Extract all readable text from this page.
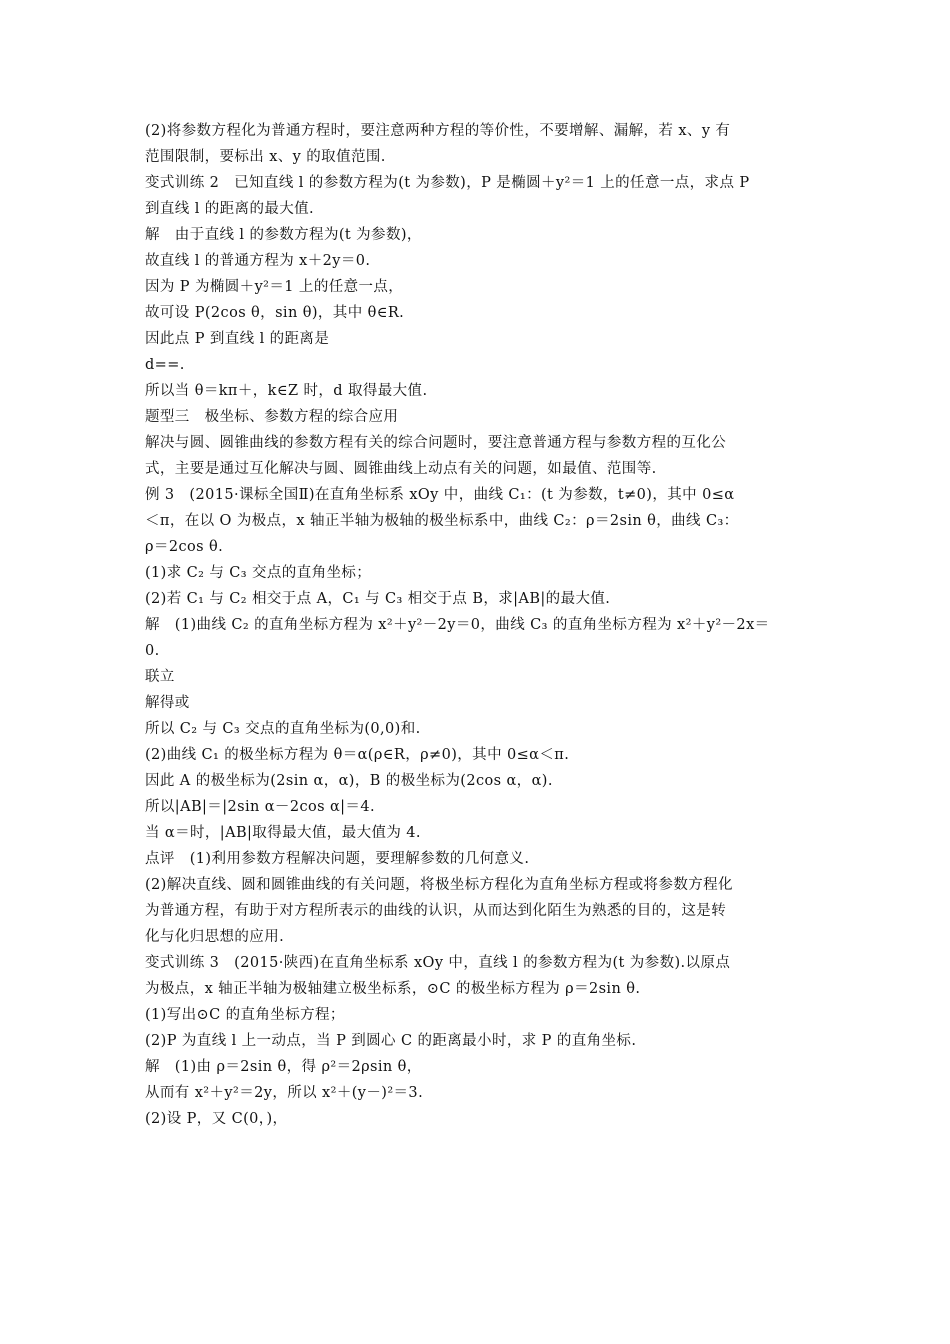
(2)将参数方程化为普通方程时，要注意两种方程的等价性，不要增解、漏解，若 x、y 有
范围限制，要标出 x、y 的取值范围.
变式训练 2　已知直线 l 的参数方程为(t 为参数)，P 是椭圆＋y²＝1 上的任意一点，求点 P
到直线 l 的距离的最大值.
解　由于直线 l 的参数方程为(t 为参数)，
故直线 l 的普通方程为 x＋2y＝0.
因为 P 为椭圆＋y²＝1 上的任意一点，
故可设 P(2cos θ，sin θ)，其中 θ∈R.
因此点 P 到直线 l 的距离是
d==.
所以当 θ＝kπ＋，k∈Z 时，d 取得最大值.
题型三　极坐标、参数方程的综合应用
解决与圆、圆锥曲线的参数方程有关的综合问题时，要注意普通方程与参数方程的互化公
式，主要是通过互化解决与圆、圆锥曲线上动点有关的问题，如最值、范围等.
例 3　(2015·课标全国Ⅱ)在直角坐标系 xOy 中，曲线 C₁：(t 为参数，t≠0)，其中 0≤α
＜π，在以 O 为极点，x 轴正半轴为极轴的极坐标系中，曲线 C₂：ρ＝2sin θ，曲线 C₃：
ρ＝2cos θ.
(1)求 C₂ 与 C₃ 交点的直角坐标；
(2)若 C₁ 与 C₂ 相交于点 A，C₁ 与 C₃ 相交于点 B，求|AB|的最大值.
解　(1)曲线 C₂ 的直角坐标方程为 x²＋y²－2y＝0，曲线 C₃ 的直角坐标方程为 x²＋y²－2x＝
0.
联立
解得或
所以 C₂ 与 C₃ 交点的直角坐标为(0,0)和.
(2)曲线 C₁ 的极坐标方程为 θ＝α(ρ∈R，ρ≠0)，其中 0≤α＜π.
因此 A 的极坐标为(2sin α，α)，B 的极坐标为(2cos α，α).
所以|AB|＝|2sin α－2cos α|＝4.
当 α＝时，|AB|取得最大值，最大值为 4.
点评　(1)利用参数方程解决问题，要理解参数的几何意义.
(2)解决直线、圆和圆锥曲线的有关问题，将极坐标方程化为直角坐标方程或将参数方程化
为普通方程，有助于对方程所表示的曲线的认识，从而达到化陌生为熟悉的目的，这是转
化与化归思想的应用.
变式训练 3　(2015·陕西)在直角坐标系 xOy 中，直线 l 的参数方程为(t 为参数).以原点
为极点，x 轴正半轴为极轴建立极坐标系，⊙C 的极坐标方程为 ρ＝2sin θ.
(1)写出⊙C 的直角坐标方程；
(2)P 为直线 l 上一动点，当 P 到圆心 C 的距离最小时，求 P 的直角坐标.
解　(1)由 ρ＝2sin θ，得 ρ²＝2ρsin θ，
从而有 x²＋y²＝2y，所以 x²＋(y－)²＝3.
(2)设 P，又 C(0，)，
